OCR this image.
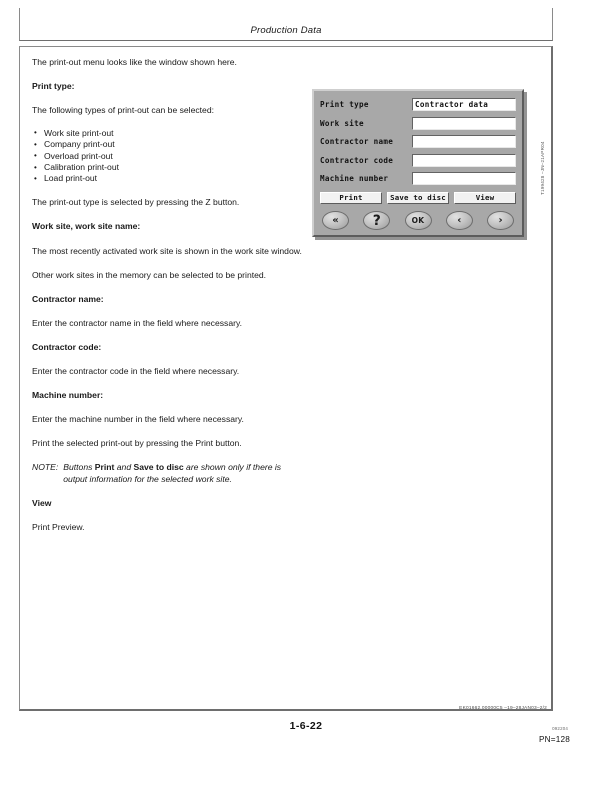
Production Data

The print-out menu looks like the window shown here.

Print type:

The following types of print-out can be selected:

• Work site print-out
• Company print-out
• Overload print-out
• Calibration print-out
• Load print-out

The print-out type is selected by pressing the Z button.

Work site, work site name:

The most recently activated work site is shown in the work site window.

Other work sites in the memory can be selected to be printed.

Contractor name:

Enter the contractor name in the field where necessary.

Contractor code:

Enter the contractor code in the field where necessary.

Machine number:

Enter the machine number in the field where necessary.

Print the selected print-out by pressing the Print button.

NOTE: Buttons Print and Save to disc are shown only if there is output information for the selected work site.

View

Print Preview.

Print type	Contractor data
Work site
Contractor name
Contractor code
Machine number
Print	Save to disc	View
«	?	OK	‹	›
T199428 –JN–21APR04
EK01662,00000C5 –19–28JAN03–2/2
1-6-22	092204
PN=128
